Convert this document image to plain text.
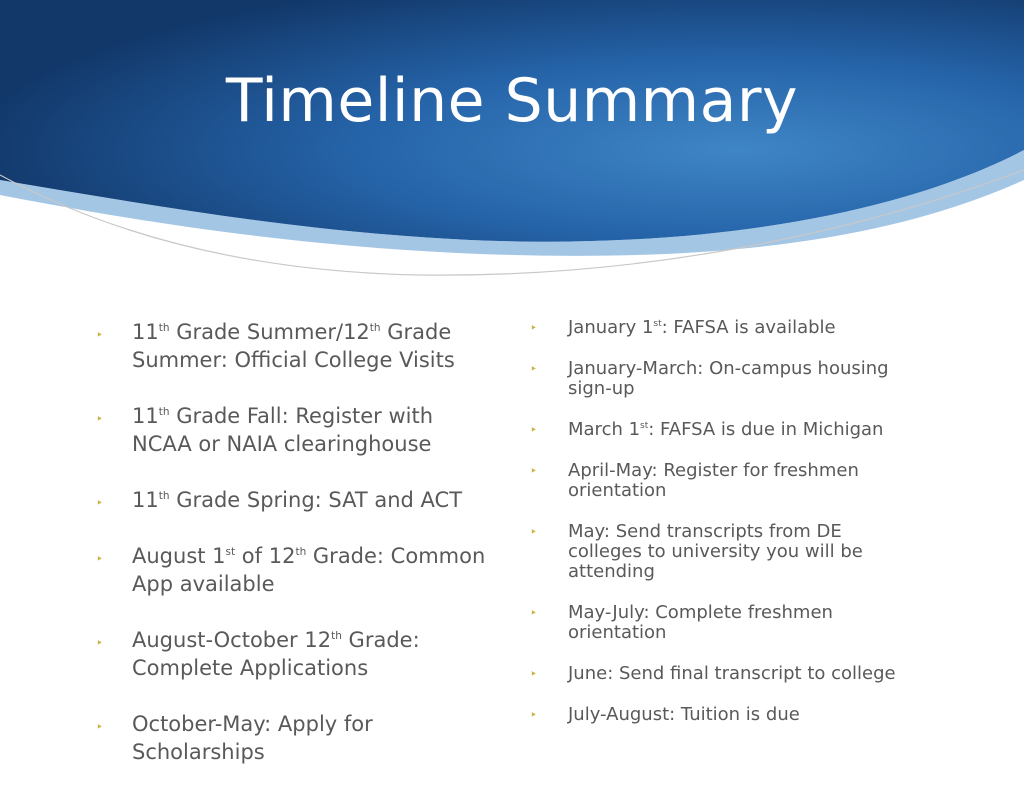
Timeline Summary
‣ 11th Grade Summer/12th Grade Summer: Official College Visits
‣ 11th Grade Fall: Register with NCAA or NAIA clearinghouse
‣ 11th Grade Spring: SAT and ACT
‣ August 1st of 12th Grade: Common App available
‣ August-October 12th Grade: Complete Applications
‣ October-May: Apply for Scholarships
‣ January 1st: FAFSA is available
‣ January-March: On-campus housing sign-up
‣ March 1st: FAFSA is due in Michigan
‣ April-May: Register for freshmen orientation
‣ May: Send transcripts from DE colleges to university you will be attending
‣ May-July: Complete freshmen orientation
‣ June: Send final transcript to college
‣ July-August: Tuition is due
